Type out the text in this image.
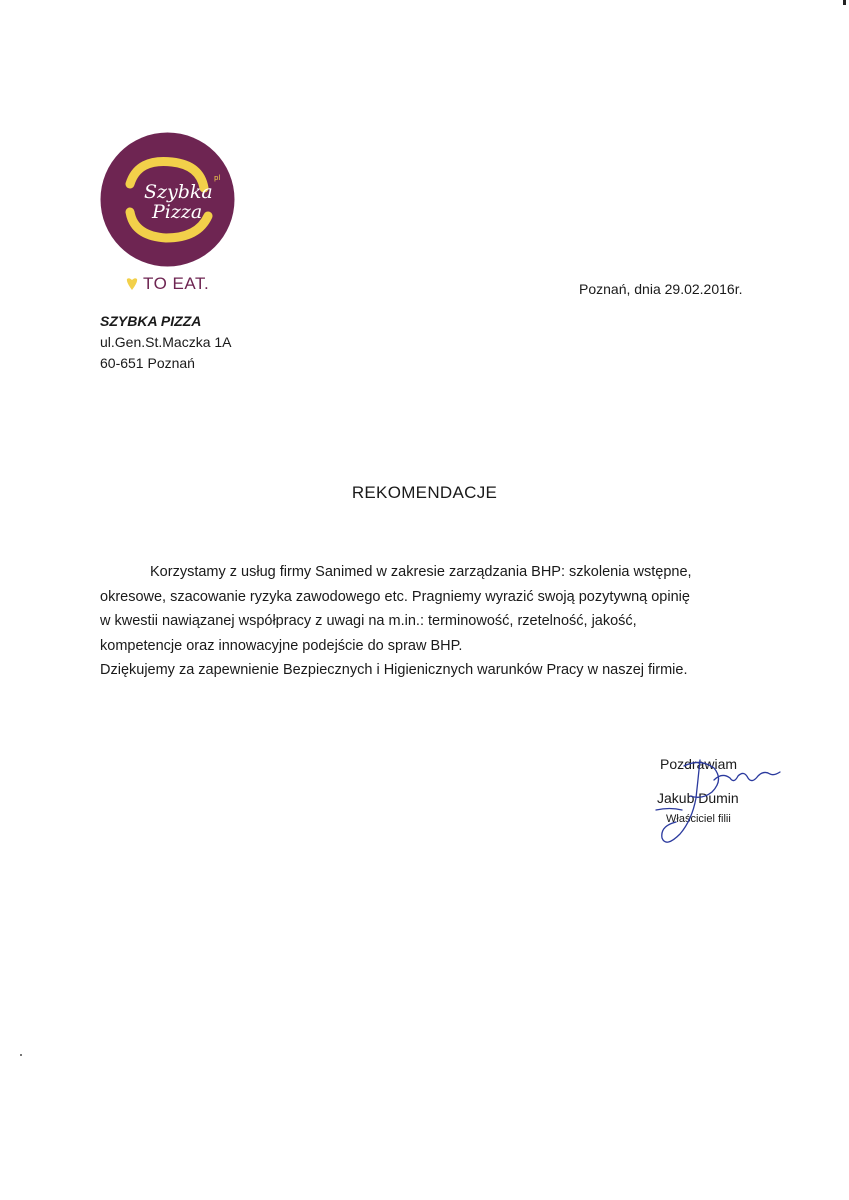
Szybka
Pizza
pl
TO EAT.	Poznań, dnia 29.02.2016r.
SZYBKA PIZZA
ul.Gen.St.Maczka 1A
60-651 Poznań
REKOMENDACJE
Korzystamy z usług firmy Sanimed w zakresie zarządzania BHP: szkolenia wstępne,
okresowe, szacowanie ryzyka zawodowego etc. Pragniemy wyrazić swoją pozytywną opinię
w kwestii nawiązanej współpracy z uwagi na m.in.: terminowość, rzetelność, jakość,
kompetencje oraz innowacyjne podejście do spraw BHP.
Dziękujemy za zapewnienie Bezpiecznych i Higienicznych warunków Pracy w naszej firmie.
Pozdrawiam
Jakub Dumin
Właściciel filii
